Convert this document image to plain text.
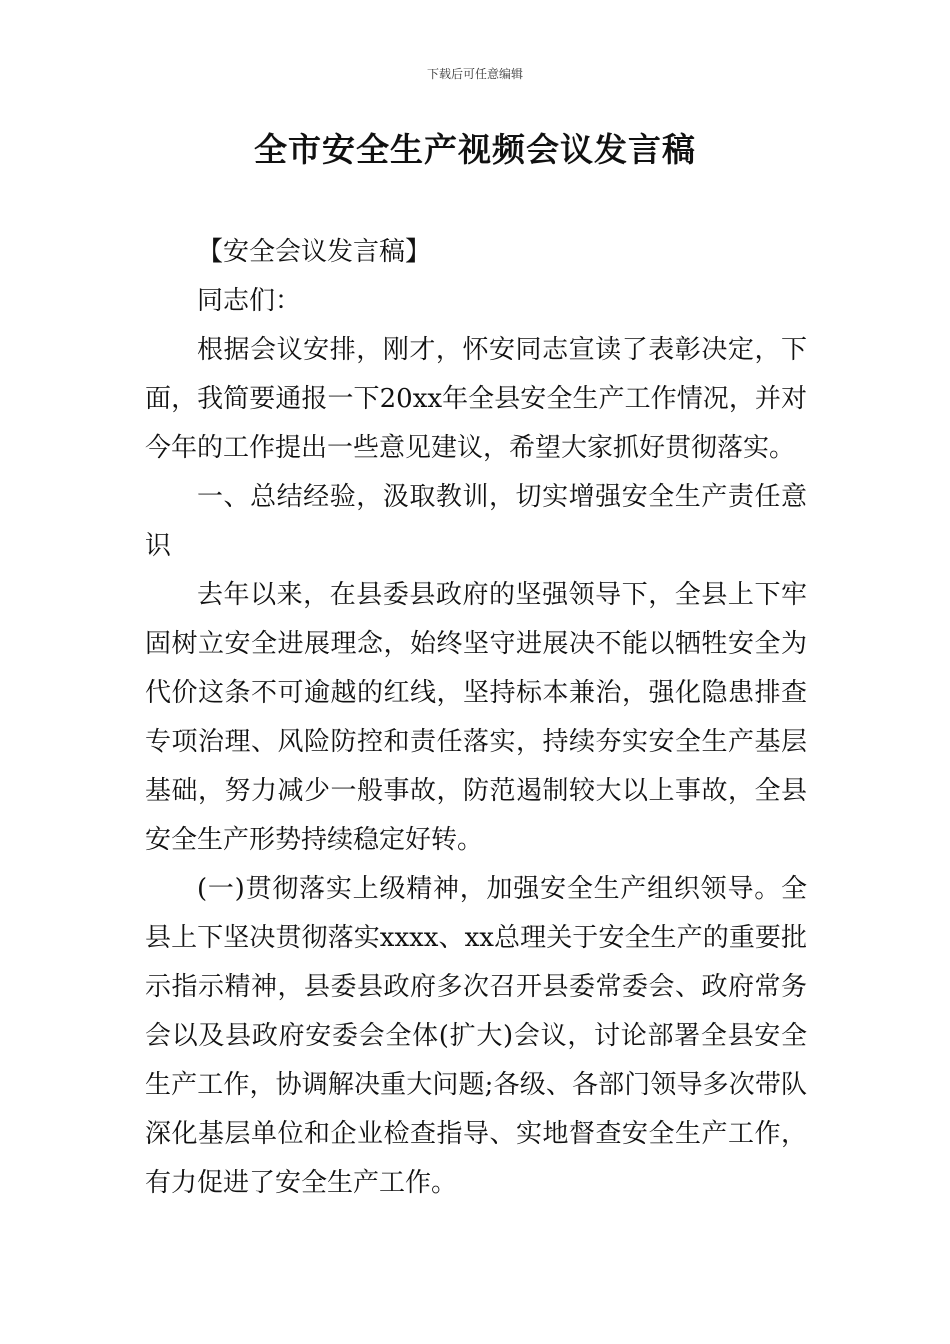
下载后可任意编辑
全市安全生产视频会议发言稿

【安全会议发言稿】

同志们：

根据会议安排，刚才，怀安同志宣读了表彰决定，下面，我简要通报一下20xx年全县安全生产工作情况，并对今年的工作提出一些意见建议，希望大家抓好贯彻落实。

一、总结经验，汲取教训，切实增强安全生产责任意识

去年以来，在县委县政府的坚强领导下，全县上下牢固树立安全进展理念，始终坚守进展决不能以牺牲安全为代价这条不可逾越的红线，坚持标本兼治，强化隐患排查专项治理、风险防控和责任落实，持续夯实安全生产基层基础，努力减少一般事故，防范遏制较大以上事故，全县安全生产形势持续稳定好转。

(一)贯彻落实上级精神，加强安全生产组织领导。全县上下坚决贯彻落实xxxx、xx总理关于安全生产的重要批示指示精神，县委县政府多次召开县委常委会、政府常务会以及县政府安委会全体(扩大)会议，讨论部署全县安全生产工作，协调解决重大问题;各级、各部门领导多次带队深化基层单位和企业检查指导、实地督查安全生产工作，有力促进了安全生产工作。
